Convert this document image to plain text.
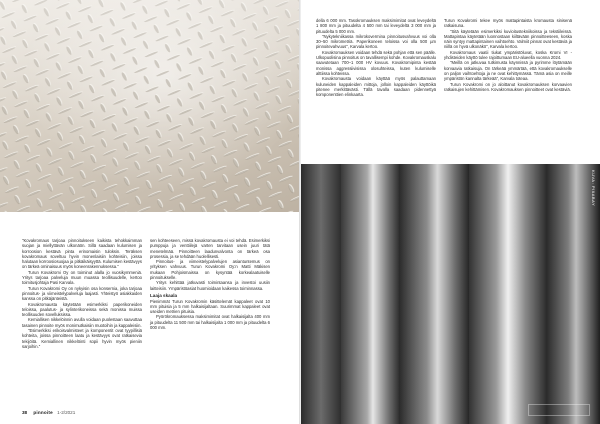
KUVA: PIXABAY

"Kovakromaus tarjoaa pinnoitukseen kaikista tehokkaimman suojan ja miellyttävän ulkonäön. Sillä saadaan kulumisen ja korroosion kestävä pinta erinomaisin tuloksin. Teräksen kovakromaus soveltuu hyvin monenlaisiin kohteisiin, joissa halutaan korroosiosuojaa ja pitkäikäisyyttä. Kulumisen kestävyys on tärkeä ominaisuus myös koneenrakennuksessa."

Turun Kovakromi Oy on toiminut alalla jo vuosikymmeniä. Yritys tarjoaa palveluja muun muassa teollisuudelle, kertoo toimitusjohtaja Pasi Karvala.

Turun Kovakromi Oy on nykyisin osa konsernia, joka tarjoaa pinnoitus- ja viimeistelypalveluja laajasti. Yhteistyö asiakkaiden kanssa on pitkäjänteistä.

Kovakromausta käytetään esimerkiksi paperikoneiden teloissa, paalutus- ja sylinterikoneissa sekä monissa muissa teollisuuden sovelluksissa.

Kemiallisen nikkelöinnin avulla voidaan puolestaan saavuttaa tasainen pinnoite myös monimutkaisiin muotoihin ja kappaleisiin.

"Esimerkiksi erikoisvalmisteet ja komponentit ovat tyypillisiä kohteita, joissa pinnoitteen laatu ja kestävyys ovat ratkaisevia tekijöitä. Kemiallinen nikkelöinti sopii hyvin myös pieniin sarjoihin."

sen kohteeseen, missä kovakromausta ei voi tehdä. Esimerkiksi pumppuja ja venttiilejä varten tarvitaan usein juuri tätä menetelmää. Pinnoitteen laadunvalvonta on tärkeä osa prosessia, ja se tehdään huolellisesti.

Pinnoitus- ja viimeistelypalvelujen asiantuntemus on yrityksen vahvuus. Turun Kovakromi Oy:n Matti Mäkisen mukaan Pohjoismaissa on kysyntää korkealaatuiselle pinnoitukselle.

Yritys kehittää jatkuvasti toimintaansa ja investoi uusiin laitteisiin. Ympäristöasiat huomioidaan kaikessa toiminnassa.

Laaja skaala

Pienimmät Turun Kovakromin käsittelemät kappaleet ovat 10 mm pituisia ja 5 mm halkaisijaltaan. Suurimmat kappaleet ovat useiden metrien pituisia.

Pyörökromauksessa maksimimitat ovat halkaisijalta 400 mm ja pituudelta 11 500 mm tai halkaisijalta 1 000 mm ja pituudelta 6 000 mm.

della 6 000 mm. Tasokromauksen maksimimitat ovat leveydeltä 1 800 mm ja pituudelta 4 500 mm tai leveydeltä 3 000 mm ja pituudelta 5 000 mm.

"Nykytekniikassa mikrokovermina pinnoitusvahvuus voi olla 30–50 mikrometriä. Paperikoneen teloissa voi olla 500 µm pinnoitevahvuus", Karvala kertoo.

Kovakromauksen voidaan tehdä sekä pohjan että sen päälle. Ulkopuolisina pinnoitus on tavallisempi kohde. Kovakromauskalu saavutetaan 700–1 000 HV kovuus. Kovakromipinta kestää monissa aggressiivisissa olosuhteissa, kuten kulumiselle alttiissa kohteissa.

Kovakromausta voidaan käyttää myös palauttamaan kuluneiden kappaleiden mittoja, jolloin kappaleiden käyttöikä pitenee merkittävästi. Tällä tavalla saadaan pidennettyä komponenttien elinkaarta.

Turun Kovakromi tekee myös mattapintaista kromausta sinisenä ratkaisuna.

"Sitä käytetään esimerkiksi kuvioitustekniikoissa ja tekstiileissä. Mattapintaa käytetään luonnostaan kiiltävään pinnoitteeseen, koska näin syntyy mattapintainen vaihtoehto. Valmiit pinnat ovat kestäviä ja niillä on hyvä ulkonäkö", Karvala kertoo.

Kovakromaus vaatii tiukat ympäristöluvat, koska Kromi VI -yhdisteiden käyttö tulee rajoittumaan EU-alueella vuonna 2024.

"Meillä on jatkuvaa tutkimusta käynnissä ja pyrimme löytämään korvaavia ratkaisuja. On tärkeää ymmärtää, että kovakromaukselle on paljon vaihtoehtoja ja ne ovat kehittymässä. Tämä asia on meille ympäristön kannalta tärkeää", Karvala toteaa.

Turun Kovakromi on jo aloittanut kovakromauksen korvaavien ratkaisujen kehittämisen. Kovakromauksen pinnoitteet ovat kestäviä.

38 pinnoite 1-2/2021
